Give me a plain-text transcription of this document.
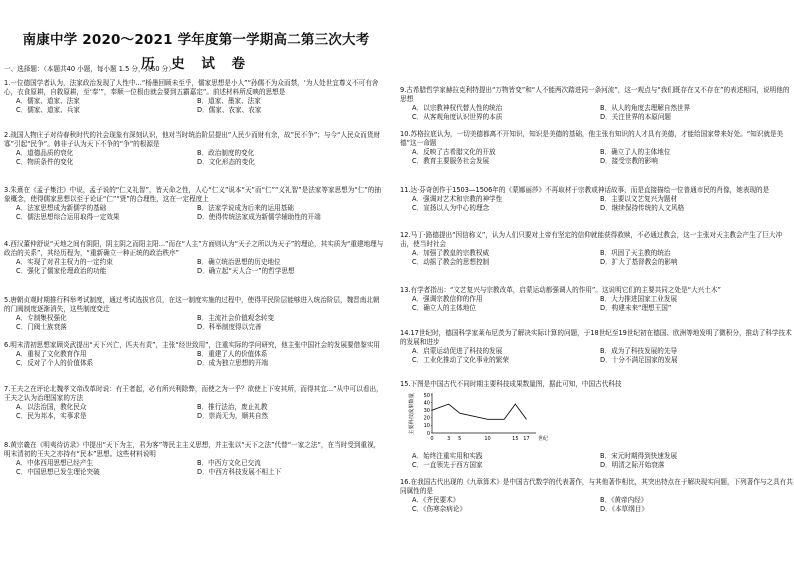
南康中学 2020～2021 学年度第一学期高二第三次大考
历 史 试 卷
一、选择题：（本题共40 小题，每小题 1.5 分，共60 分）
1.一位德国学者认为，法家政治发现了人性中...“杨墨回顾未至乎，儒家思想是小人”“孙儒不为众而禁，‘为人处世宜尊义不可有舍心，衣食原耕，自救原耕，至‘奉’”，奉顺一位根由就会要到五霸嘉定”。前述材料所反映的思想是
A．儒家、道家、法家	B．道家、墨家、法家
C．儒家、道家、兵家	D．儒家、农家、农家
2.战国人物庄子对待春秋时代的社会现象有深刻认识，他对当时统治阶层提出“人民少而财有余，故”民不争”；与今“人民众而货财寡”引起“民争”。韩非子认为天下不争的“争”的根源是
A．道德品质的衰化	B．政治制度的变化
C．物质条件的变化	D．文化形态的变化
3.朱熹在《孟子集注》中说，孟子说的“仁义礼智”，皆天命之性，人心“仁义”说本“天”而“仁”“义礼智”是法家等家思想为“仁”的抽象概念，使得儒家思想以至于论证“仁”“贤”的合理性，这在一定程度上
A．法家思想成为新儒学的基础	B．法家学说成为后来的运用基础
C．儒法思想综合运用取得一定效果	D．使得传统法家成为新儒学辅助性的开端
4.西汉董仲舒说“天地之间有阴阳，阴主阴之而阳主阳...”而在“人主”方面则认为“天子之所以为天子”的理论，其实质为“重建地理与政治的关系”，其经历程为，“重新确立一种正统的政治秩序”
A．实现了对君主权力的一定约束	B．确立统治思想的历史地位
C．强化了儒家伦理政治的功能	D．确立起“天人合一”的哲学思想
5.唐朝贞观时期推行科举考试制度，通过考试选拔官员，在这一制度实施的过程中，使得平民阶层能够进入统治阶层，魏晋南北朝的门阀制度逐渐消失，这些制度变迁
A．专制集权强化	B．主流社会价值观念转变
C．门阀士族衰落	D．科举制度得以完善
6.明末清初思想家顾炎武提出“天下兴亡，匹夫有责”，主张“经世致用”，注重实际的学问研究，他主张中国社会的发展要借鉴实用
A．重视了文化教育作用	B．重建了人的价值体系
C．反对了个人的价值体系	D．成为独立思想的开端
7.王夫之在评论北魏孝文帝改革时说：有王者起，必有所兴利除弊，而使之为一乎？欲使上下安其所，而得其宜...”从中可以看出，王夫之认为治理国家的方法
A．以法治国，教化民众	B．推行法治，废止礼教
C．民为邦本，实事求是	D．崇尚无为，顺其自然
8.黄宗羲在《明夷待访录》中提出“天下为主，君为客”等民主主义思想，并主张以“天下之法”代替“一家之法”，在当时受到重视，明末清初的王夫之亦持有“民本”思想。这些材料说明
A．中体西用思想已经产生	B．中西方文化已交流
C．中国思想已发生理论突破	D．中西方科技发展不相上下
9.古希腊哲学家赫拉克利特提出“万物皆变”和“人不能两次踏进同一条河流”，这一观点与“我们既存在又不存在”的表述相同，说明他的思想
A．以宗教神权代替人性的统治	B．从人的角度去理解自然世界
C．从客观角度认识世界的本质	D．关注世界的本原问题
10.苏格拉底认为，一切美德都离不开知识，知识是美德的基础，他主张有知识的人才具有美德，才能给国家带来好处。“知识就是美德”这一命题
A．反映了古希腊文化的开放	B．确立了人的主体地位
C．教育主要服务社会发展	D．接受宗教的影响
11.达·芬奇创作于1503—1506年的《蒙娜丽莎》不再取材于宗教或神话故事，而是直接描绘一位普通市民的肖像，她表现的是
A．强调对艺术和宗教的神学性	B．主要以文艺复兴为题材
C．宣扬以人为中心的理念	D．继续保持传统的人文风格
12.马丁·路德提出“因信称义”，认为人们只要对上帝有坚定的信仰就能获得救赎，不必通过教会，这一主张对天主教会产生了巨大冲击，使当时社会
A．加强了教皇的宗教权威	B．巩固了天主教的统治
C．动摇了教会的思想控制	D．扩大了基督教会的影响
13.有学者指出：“文艺复兴与宗教改革，启蒙运动都强调人的作用”。这说明它们的主要共同之处是“大兴土木”
A．强调宗教信仰的作用	B．大力推进国家工业发展
C．确立人的主体地位	D．构建未来“理想王国”
14.17世纪时，德国科学家莱布尼茨为了解决实际计算的问题，于18世纪至19世纪初在德国、欧洲等地发明了微积分，推动了科学技术的发展和进步
A．启蒙运动促进了科技的发展	B．成为了科技发展的先导
C．工业化推动了文化事业的繁荣	D．十分不满足国家的发展
15.下图是中国古代不同时期主要科技成果数量图，据此可知，中国古代科技
A．始终注重实用和实践	B．宋元时期得到快速发展
C．一直领先于西方国家	D．明清之际开始衰落
16.在我国古代出现的《九章算术》是中国古代数学的代表著作，与其他著作相比，其突出特点在于解决现实问题，下列著作与之具有共同属性的是
A．《齐民要术》	B．《黄帝内经》
C．《伤寒杂病论》	D．《本草纲目》
主要科技成果数量 50
40
30
20
10
0
0	3 5	10	15 17 世纪
